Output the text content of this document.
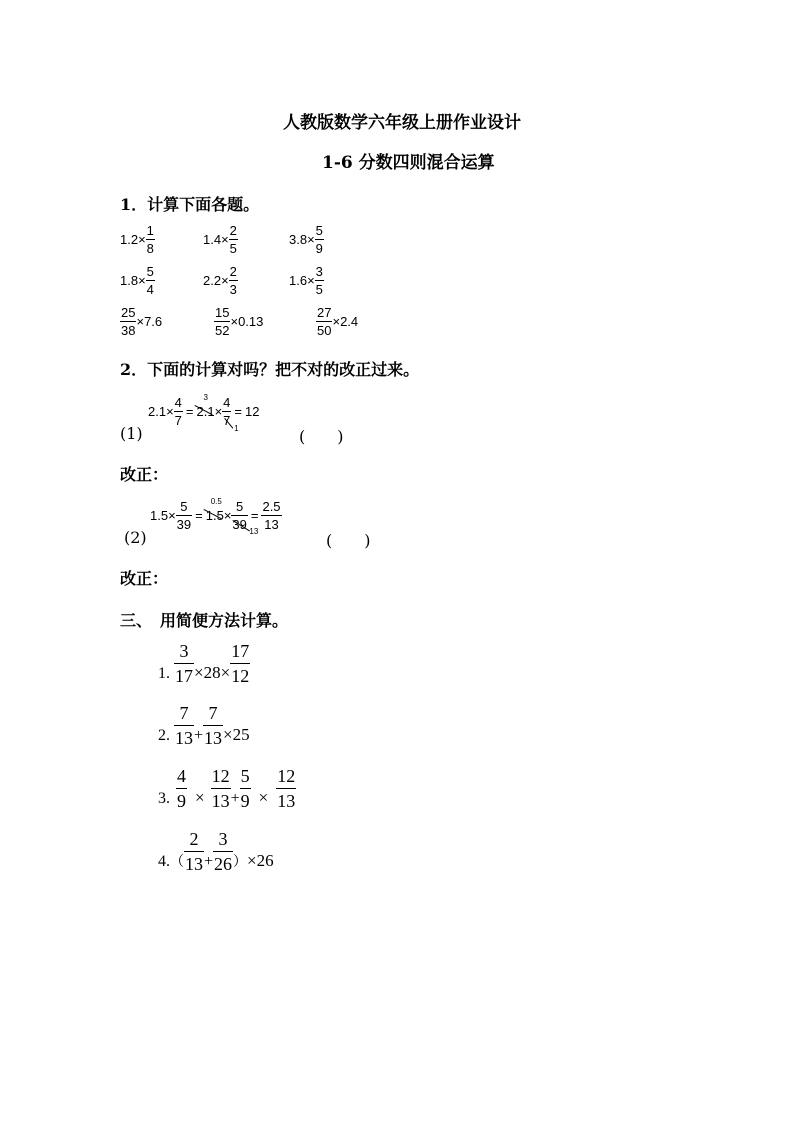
人教版数学六年级上册作业设计
1-6 分数四则混合运算
1．计算下面各题。
$1.2 \times \frac{1}{8}$	$1.4 \times \frac{2}{5}$	$3.8 \times \frac{5}{9}$
$1.8 \times \frac{5}{4}$	$2.2 \times \frac{2}{3}$	$1.6 \times \frac{3}{5}$
$\frac{25}{38} \times 7.6$	$\frac{15}{52} \times 0.13$	$\frac{27}{50} \times 2.4$
2．下面的计算对吗？把不对的改正过来。
(1)
$2.1 \times \frac{4}{7} = 2.1$
3
× 4
7
1 = 12
(　　)
改正：
(2)
$1.5 \times \frac{5}{39} = 1.5$
0.5
× $\frac{5}{39 13} = \frac{2.5}{13}$
(　　)
改正：
三、　用简便方法计算。
1. $\frac{3}{17} \times 28\times \frac{17}{12}$
2. $\frac{7}{13} + \frac{7}{13} \times 25$
3. $\frac{4}{9} \times \frac{12}{13} + \frac{5}{9} \times \frac{12}{13}$
4. （ $\frac{2}{13} + \frac{3}{26}$ ） ×26
